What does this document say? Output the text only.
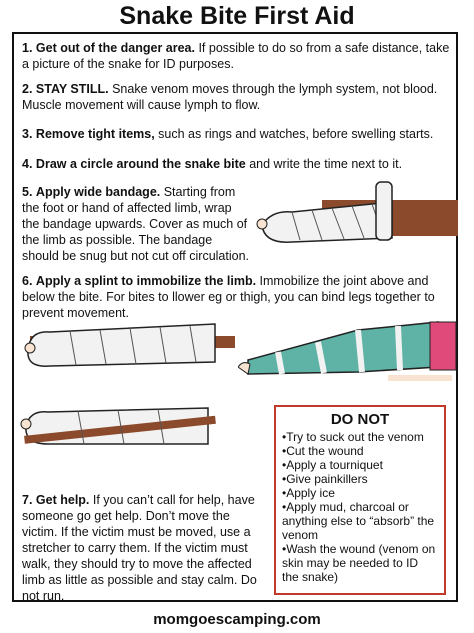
Snake Bite First Aid
1. Get out of the danger area. If possible to do so from a safe distance, take a picture of the snake for ID purposes.
2. STAY STILL. Snake venom moves through the lymph system, not blood. Muscle movement will cause lymph to flow.
3. Remove tight items, such as rings and watches, before swelling starts.
4. Draw a circle around the snake bite and write the time next to it.
5. Apply wide bandage. Starting from the foot or hand of affected limb, wrap the bandage upwards. Cover as much of the limb as possible. The bandage should be snug but not cut off circulation.
6. Apply a splint to immobilize the limb. Immobilize the joint above and below the bite. For bites to llower eg or thigh, you can bind legs together to prevent movement.
7. Get help. If you can’t call for help, have someone go get help. Don’t move the victim. If the victim must be moved, use a stretcher to carry them. If the victim must walk, they should try to move the affected limb as little as possible and stay calm. Do not run.
DO NOT
• Try to suck out the venom
• Cut the wound
• Apply a tourniquet
• Give painkillers
• Apply ice
• Apply mud, charcoal or anything else to “absorb” the venom
• Wash the wound (venom on skin may be needed to ID the snake)
momgoescamping.com
